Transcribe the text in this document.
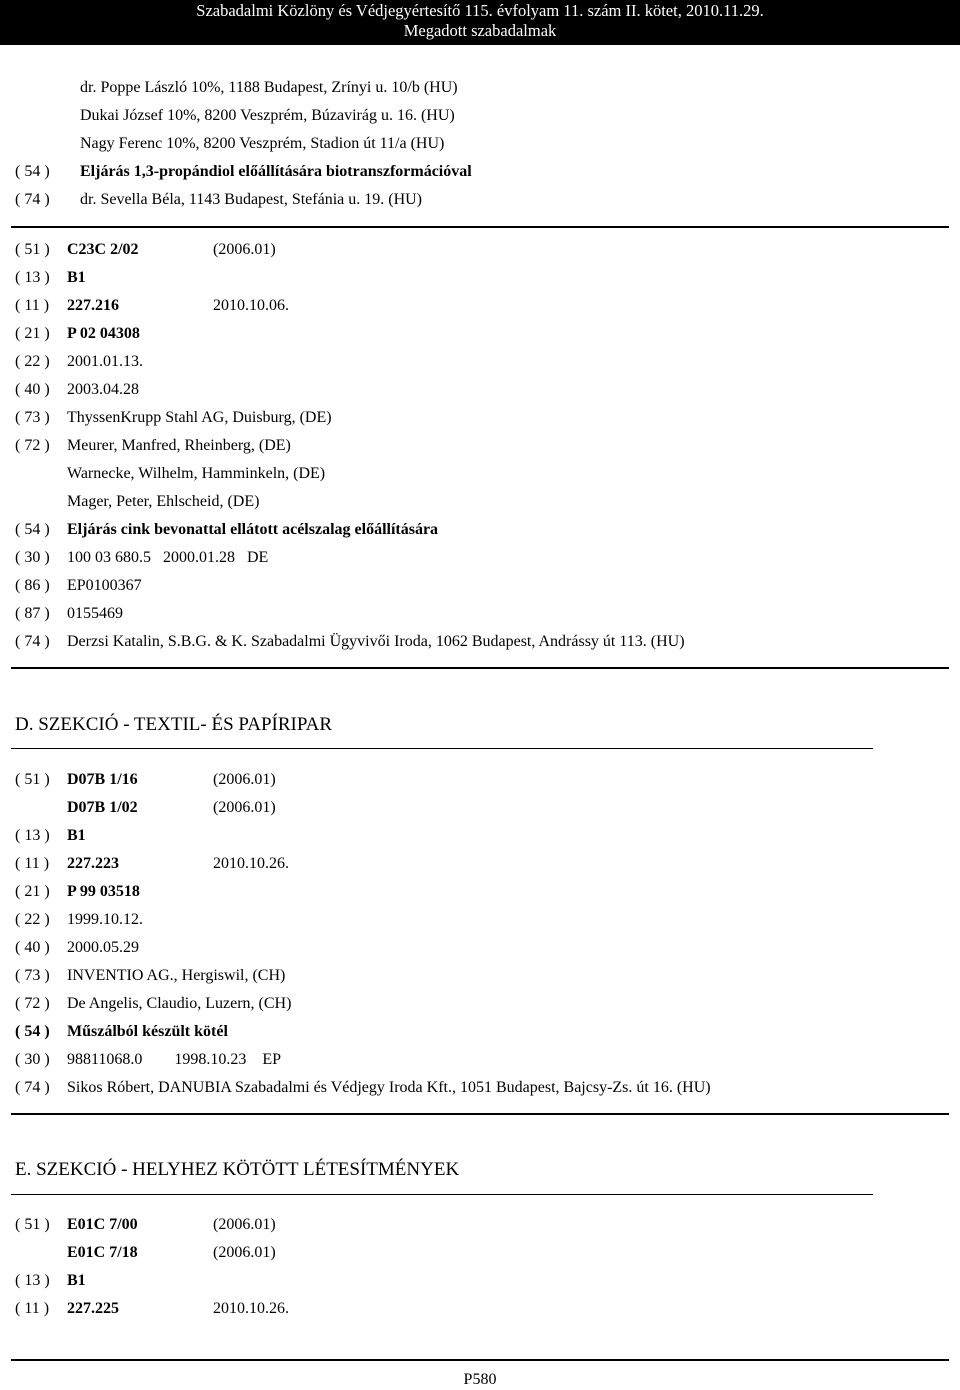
Szabadalmi Közlöny és Védjegyértesítő 115. évfolyam 11. szám II. kötet, 2010.11.29.
Megadott szabadalmak
dr. Poppe László 10%, 1188 Budapest, Zrínyi u. 10/b (HU)
Dukai József 10%, 8200 Veszprém, Búzavirág u. 16. (HU)
Nagy Ferenc 10%, 8200 Veszprém, Stadion út 11/a (HU)
( 54 ) Eljárás 1,3-propándiol előállítására biotranszformációval
( 74 ) dr. Sevella Béla, 1143 Budapest, Stefánia u. 19. (HU)
( 51 ) C23C 2/02	(2006.01)
( 13 ) B1
( 11 ) 227.216	2010.10.06.
( 21 ) P 02 04308
( 22 ) 2001.01.13.
( 40 ) 2003.04.28
( 73 ) ThyssenKrupp Stahl AG, Duisburg, (DE)
( 72 ) Meurer, Manfred, Rheinberg, (DE)
Warnecke, Wilhelm, Hamminkeln, (DE)
Mager, Peter, Ehlscheid, (DE)
( 54 ) Eljárás cink bevonattal ellátott acélszalag előállítására
( 30 ) 100 03 680.5   2000.01.28   DE
( 86 ) EP0100367
( 87 ) 0155469
( 74 ) Derzsi Katalin, S.B.G. & K. Szabadalmi Ügyvivői Iroda, 1062 Budapest, Andrássy út 113. (HU)
D. SZEKCIÓ - TEXTIL- ÉS PAPÍRIPAR
( 51 ) D07B 1/16	(2006.01)
D07B 1/02	(2006.01)
( 13 ) B1
( 11 ) 227.223	2010.10.26.
( 21 ) P 99 03518
( 22 ) 1999.10.12.
( 40 ) 2000.05.29
( 73 ) INVENTIO AG., Hergiswil, (CH)
( 72 ) De Angelis, Claudio, Luzern, (CH)
( 54 ) Műszálból készült kötél
( 30 ) 98811068.0        1998.10.23    EP
( 74 ) Sikos Róbert, DANUBIA Szabadalmi és Védjegy Iroda Kft., 1051 Budapest, Bajcsy-Zs. út 16. (HU)
E. SZEKCIÓ - HELYHEZ KÖTÖTT LÉTESÍTMÉNYEK
( 51 ) E01C 7/00	(2006.01)
E01C 7/18	(2006.01)
( 13 ) B1
( 11 ) 227.225	2010.10.26.
P580
